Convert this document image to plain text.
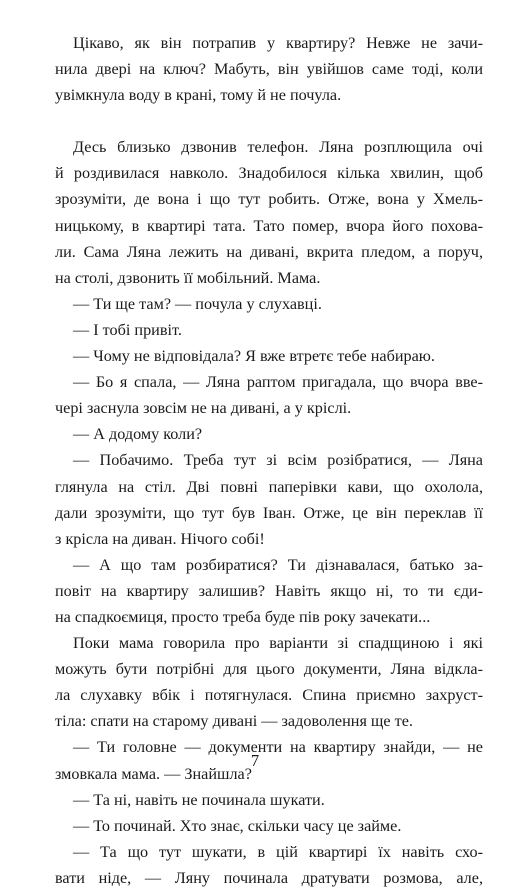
Цікаво, як він потрапив у квартиру? Невже не зачи-
нила двері на ключ? Мабуть, він увійшов саме тоді, коли
увімкнула воду в крані, тому й не почула.
Десь близько дзвонив телефон. Ляна розплющила очі
й роздивилася навколо. Знадобилося кілька хвилин, щоб
зрозуміти, де вона і що тут робить. Отже, вона у Хмель-
ницькому, в квартирі тата. Тато помер, вчора його похова-
ли. Сама Ляна лежить на дивані, вкрита пледом, а поруч,
на столі, дзвонить її мобільний. Мама.
— Ти ще там? — почула у слухавці.
— І тобі привіт.
— Чому не відповідала? Я вже втретє тебе набираю.
— Бо я спала, — Ляна раптом пригадала, що вчора вве-
чері заснула зовсім не на дивані, а у кріслі.
— А додому коли?
— Побачимо. Треба тут зі всім розібратися, — Ляна
глянула на стіл. Дві повні паперівки кави, що охолола,
дали зрозуміти, що тут був Іван. Отже, це він переклав її
з крісла на диван. Нічого собі!
— А що там розбиратися? Ти дізнавалася, батько за-
повіт на квартиру залишив? Навіть якщо ні, то ти єди-
на спадкоємиця, просто треба буде пів року зачекати...
Поки мама говорила про варіанти зі спадщиною і які
можуть бути потрібні для цього документи, Ляна відкла-
ла слухавку вбік і потягнулася. Спина приємно захруст-
тіла: спати на старому дивані — задоволення ще те.
— Ти головне — документи на квартиру знайди, — не
змовкала мама. — Знайшла?
— Та ні, навіть не починала шукати.
— То починай. Хто знає, скільки часу це займе.
— Та що тут шукати, в цій квартирі їх навіть схо-
вати ніде, — Ляну починала дратувати розмова, але,
7
